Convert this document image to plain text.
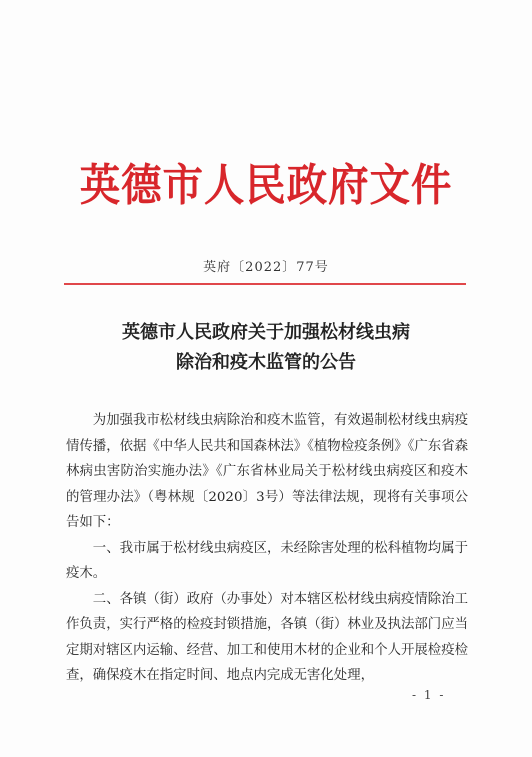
英德市人民政府文件
英府〔2022〕77号
英德市人民政府关于加强松材线虫病
除治和疫木监管的公告

为加强我市松材线虫病除治和疫木监管，有效遏制松材线虫病疫情传播，依据《中华人民共和国森林法》《植物检疫条例》《广东省森林病虫害防治实施办法》《广东省林业局关于松材线虫病疫区和疫木的管理办法》（粤林规〔2020〕3号）等法律法规，现将有关事项公告如下：

一、我市属于松材线虫病疫区，未经除害处理的松科植物均属于疫木。

二、各镇（街）政府（办事处）对本辖区松材线虫病疫情除治工作负责，实行严格的检疫封锁措施，各镇（街）林业及执法部门应当定期对辖区内运输、经营、加工和使用木材的企业和个人开展检疫检查，确保疫木在指定时间、地点内完成无害化处理，

- 1 -
